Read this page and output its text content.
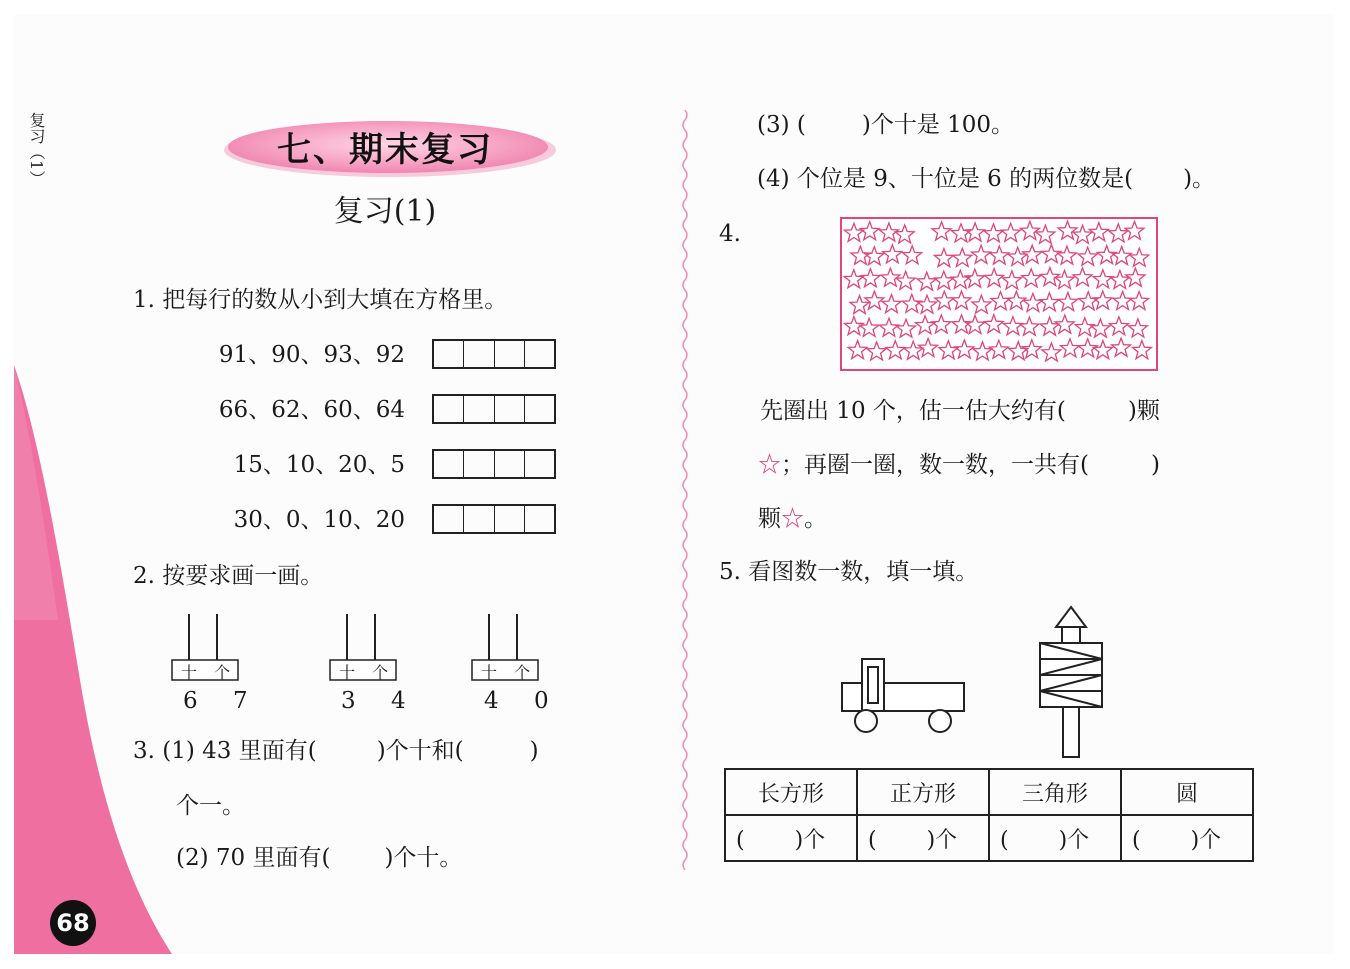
复习（1）
68
七、期末复习
复习(1)
1. 把每行的数从小到大填在方格里。
91、90、93、92
66、62、60、64
15、10、20、5
30、0、10、20
2. 按要求画一画。
十 个
6 7
十 个
3 4
十 个
4 0
3. (1) 43 里面有(	)个十和(	)
个一。
(2) 70 里面有( )个十。
(3) ( )个十是 100。
(4) 个位是 9、十位是 6 的两位数是( )。
4.
先圈出 10 个，估一估大约有(	)颗
☆；再圈一圈，数一数，一共有(	)
颗☆。
5. 看图数一数，填一填。
长方形	正方形	三角形	圆
( )个	( )个	( )个	( )个
